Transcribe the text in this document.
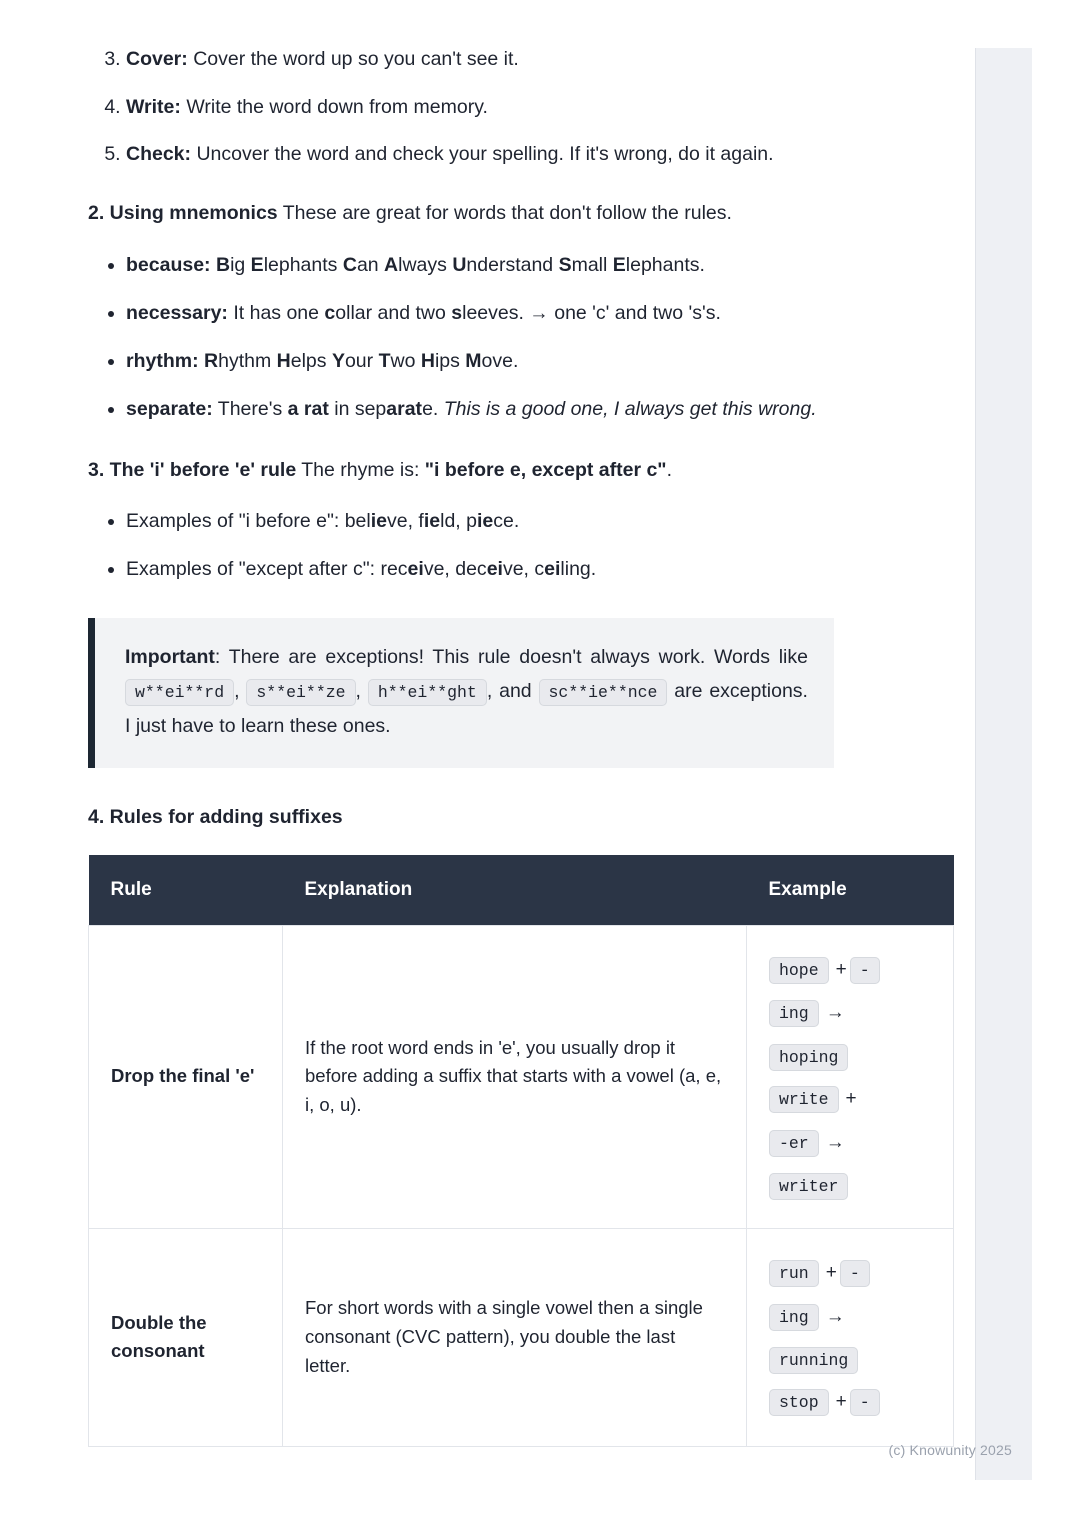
3. Cover: Cover the word up so you can't see it.
4. Write: Write the word down from memory.
5. Check: Uncover the word and check your spelling. If it's wrong, do it again.

2. Using mnemonics These are great for words that don't follow the rules.

• because: Big Elephants Can Always Understand Small Elephants.
• necessary: It has one collar and two sleeves. → one 'c' and two 's's.
• rhythm: Rhythm Helps Your Two Hips Move.
• separate: There's a rat in separate. This is a good one, I always get this wrong.

3. The 'i' before 'e' rule The rhyme is: "i before e, except after c".

• Examples of "i before e": believe, field, piece.
• Examples of "except after c": receive, deceive, ceiling.
Important: There are exceptions! This rule doesn't always work. Words like w**ei**rd , s**ei**ze , h**ei**ght , and sc**ie**nce are exceptions. I just have to learn these ones.
4. Rules for adding suffixes
Rule	Explanation	Example
Drop the final 'e'	If the root word ends in 'e', you usually drop it before adding a suffix that starts with a vowel (a, e, i, o, u).	hope + - ing → hoping write + -er → writer
Double the consonant	For short words with a single vowel then a single consonant (CVC pattern), you double the last letter.	run + - ing → running stop + -
(c) Knowunity 2025
